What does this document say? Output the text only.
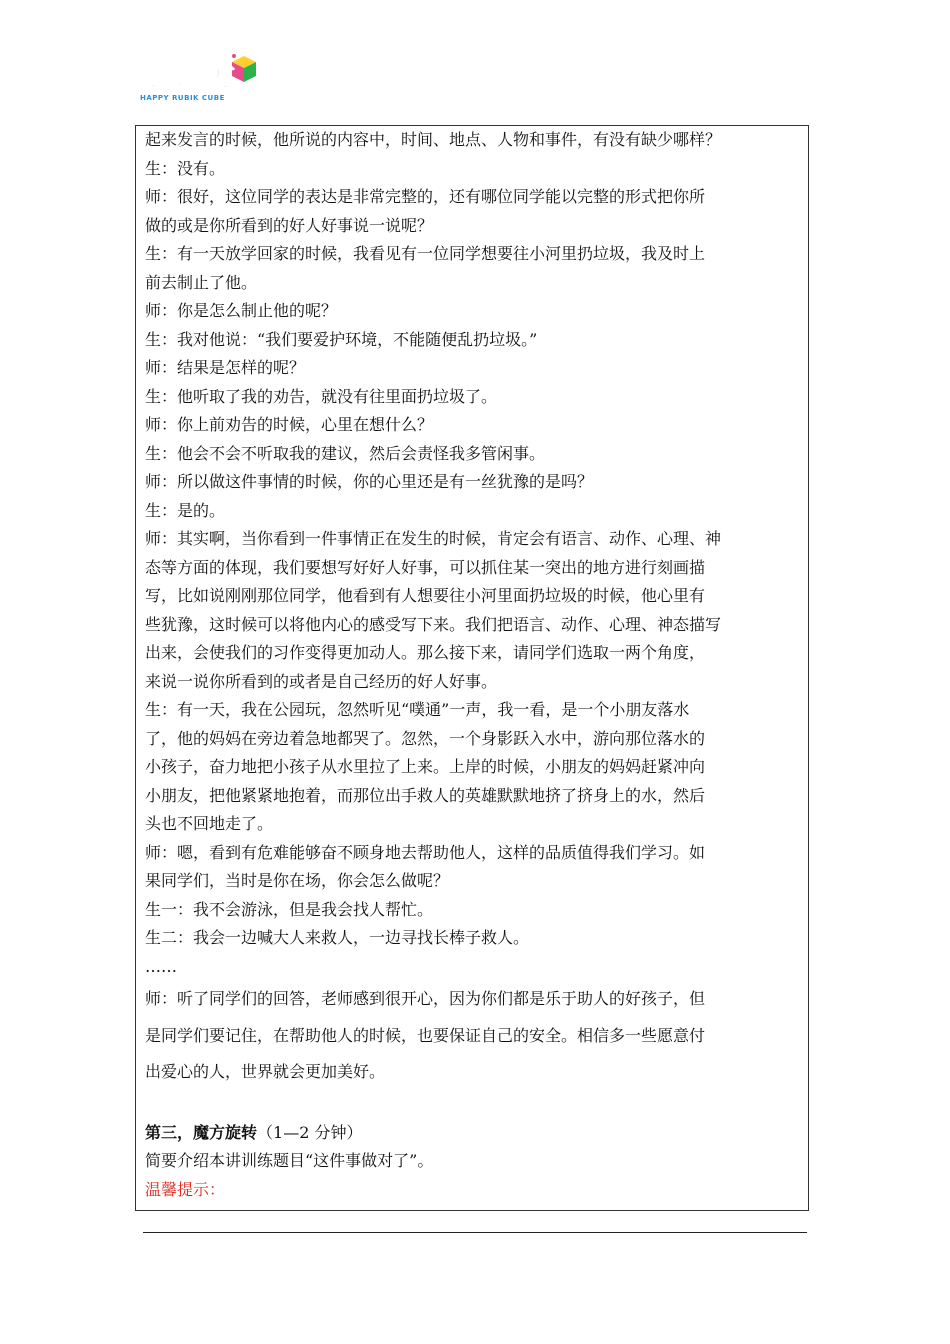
快乐魔方
HAPPY RUBIK CUBE
起来发言的时候，他所说的内容中，时间、地点、人物和事件，有没有缺少哪样？
生：没有。
师：很好，这位同学的表达是非常完整的，还有哪位同学能以完整的形式把你所
做的或是你所看到的好人好事说一说呢？
生：有一天放学回家的时候，我看见有一位同学想要往小河里扔垃圾，我及时上
前去制止了他。
师：你是怎么制止他的呢？
生：我对他说：“我们要爱护环境，不能随便乱扔垃圾。”
师：结果是怎样的呢？
生：他听取了我的劝告，就没有往里面扔垃圾了。
师：你上前劝告的时候，心里在想什么？
生：他会不会不听取我的建议，然后会责怪我多管闲事。
师：所以做这件事情的时候，你的心里还是有一丝犹豫的是吗？
生：是的。
师：其实啊，当你看到一件事情正在发生的时候，肯定会有语言、动作、心理、神
态等方面的体现，我们要想写好好人好事，可以抓住某一突出的地方进行刻画描
写，比如说刚刚那位同学，他看到有人想要往小河里面扔垃圾的时候，他心里有
些犹豫，这时候可以将他内心的感受写下来。我们把语言、动作、心理、神态描写
出来，会使我们的习作变得更加动人。那么接下来，请同学们选取一两个角度，
来说一说你所看到的或者是自己经历的好人好事。
生：有一天，我在公园玩，忽然听见“噗通”一声，我一看，是一个小朋友落水
了，他的妈妈在旁边着急地都哭了。忽然，一个身影跃入水中，游向那位落水的
小孩子，奋力地把小孩子从水里拉了上来。上岸的时候，小朋友的妈妈赶紧冲向
小朋友，把他紧紧地抱着，而那位出手救人的英雄默默地挤了挤身上的水，然后
头也不回地走了。
师：嗯，看到有危难能够奋不顾身地去帮助他人，这样的品质值得我们学习。如
果同学们，当时是你在场，你会怎么做呢？
生一：我不会游泳，但是我会找人帮忙。
生二：我会一边喊大人来救人，一边寻找长棒子救人。
……
师：听了同学们的回答，老师感到很开心，因为你们都是乐于助人的好孩子，但
是同学们要记住，在帮助他人的时候，也要保证自己的安全。相信多一些愿意付
出爱心的人，世界就会更加美好。
第三，魔方旋转（1—2 分钟）
简要介绍本讲训练题目“这件事做对了”。
温馨提示：
